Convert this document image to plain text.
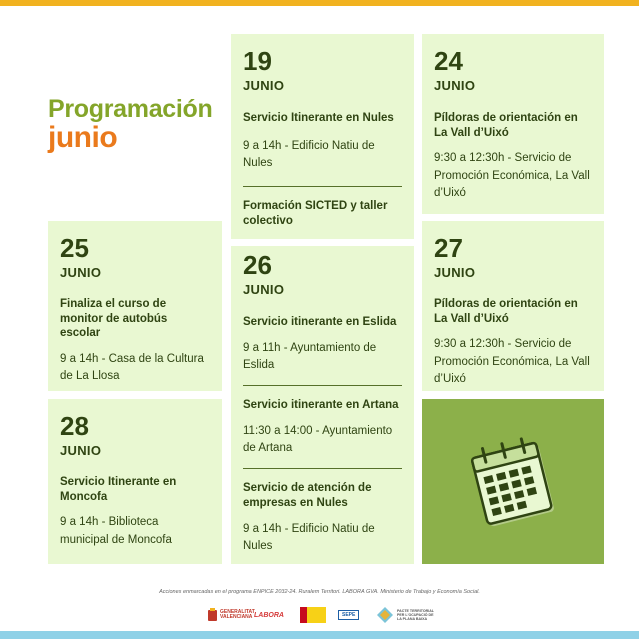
Programación
junio
19
JUNIO
Servicio Itinerante en Nules
9 a 14h - Edificio Natiu de Nules
Formación SICTED y taller colectivo
24
JUNIO
Píldoras de orientación en La Vall d’Uixó
9:30 a 12:30h - Servicio de Promoción Económica, La Vall d’Uixó
25
JUNIO
Finaliza el curso de monitor de autobús escolar
9 a 14h - Casa de la Cultura de La Llosa
26
JUNIO
Servicio itinerante en Eslida
9 a 11h - Ayuntamiento de Eslida
Servicio itinerante en Artana
11:30 a 14:00 - Ayuntamiento de Artana
Servicio de atención de empresas en Nules
9 a 14h - Edificio Natiu de Nules
27
JUNIO
Píldoras de orientación en La Vall d’Uixó
9:30 a 12:30h - Servicio de Promoción Económica, La Vall d’Uixó
28
JUNIO
Servicio Itinerante en Moncofa
9 a 14h - Biblioteca municipal de Moncofa
Acciones enmarcadas en el programa ENPICE 2032-24. Ruralem Territori. LABORA GVA. Ministerio de Trabajo y Economía Social.
GENERALITAT VALENCIANA LABORA	SEPE
PACTE TERRITORIAL PER L'OCUPACIÓ DE LA PLANA BAIXA
